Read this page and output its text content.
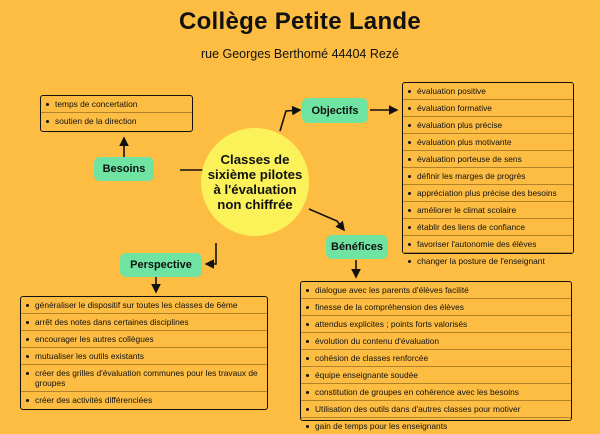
Collège Petite Lande
rue Georges Berthomé 44404 Rezé
Classes de sixième pilotes à l'évaluation non chiffrée
Besoins
temps de concertation
soutien de la direction
Objectifs
évaluation positive
évaluation formative
évaluation plus précise
évaluation plus motivante
évaluation porteuse de sens
définir les marges de progrès
appréciation plus précise des besoins
améliorer le climat scolaire
établir des liens de confiance
favoriser l'autonomie des élèves
changer la posture de l'enseignant
Bénéfices
dialogue avec les parents d'élèves facilité
finesse de la compréhension des élèves
attendus explicites ; points forts valorisés
évolution du contenu d'évaluation
cohésion de classes renforcée
équipe enseignante soudée
constitution de groupes en cohérence avec les besoins
Utilisation des outils dans d'autres classes pour motiver
gain de temps pour les enseignants
Perspective
généraliser le dispositif sur toutes les classes de 6ème
arrêt des notes dans certaines disciplines
encourager les autres collègues
mutualiser les outils existants
créer des grilles d'évaluation communes pour les travaux de groupes
créer des activités différenciées
